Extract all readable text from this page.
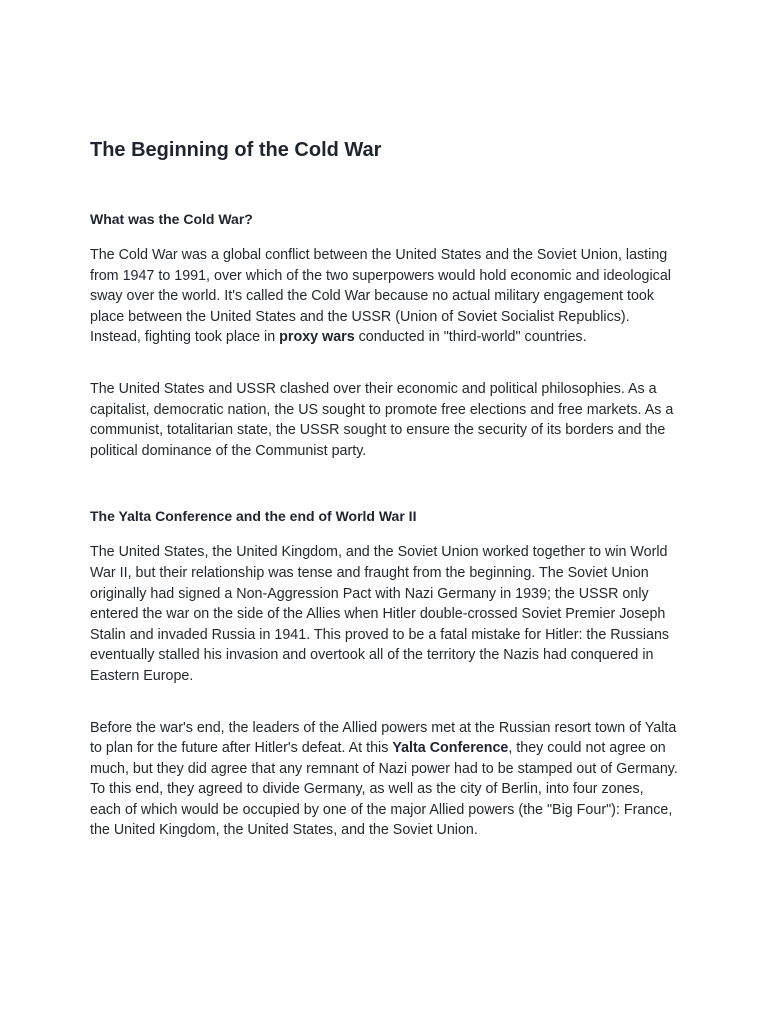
The Beginning of the Cold War
What was the Cold War?

The Cold War was a global conflict between the United States and the Soviet Union, lasting from 1947 to 1991, over which of the two superpowers would hold economic and ideological sway over the world. It's called the Cold War because no actual military engagement took place between the United States and the USSR (Union of Soviet Socialist Republics). Instead, fighting took place in proxy wars conducted in "third-world" countries.

The United States and USSR clashed over their economic and political philosophies. As a capitalist, democratic nation, the US sought to promote free elections and free markets. As a communist, totalitarian state, the USSR sought to ensure the security of its borders and the political dominance of the Communist party.

The Yalta Conference and the end of World War II

The United States, the United Kingdom, and the Soviet Union worked together to win World War II, but their relationship was tense and fraught from the beginning. The Soviet Union originally had signed a Non-Aggression Pact with Nazi Germany in 1939; the USSR only entered the war on the side of the Allies when Hitler double-crossed Soviet Premier Joseph Stalin and invaded Russia in 1941. This proved to be a fatal mistake for Hitler: the Russians eventually stalled his invasion and overtook all of the territory the Nazis had conquered in Eastern Europe.

Before the war's end, the leaders of the Allied powers met at the Russian resort town of Yalta to plan for the future after Hitler's defeat. At this Yalta Conference, they could not agree on much, but they did agree that any remnant of Nazi power had to be stamped out of Germany. To this end, they agreed to divide Germany, as well as the city of Berlin, into four zones, each of which would be occupied by one of the major Allied powers (the "Big Four"): France, the United Kingdom, the United States, and the Soviet Union.
